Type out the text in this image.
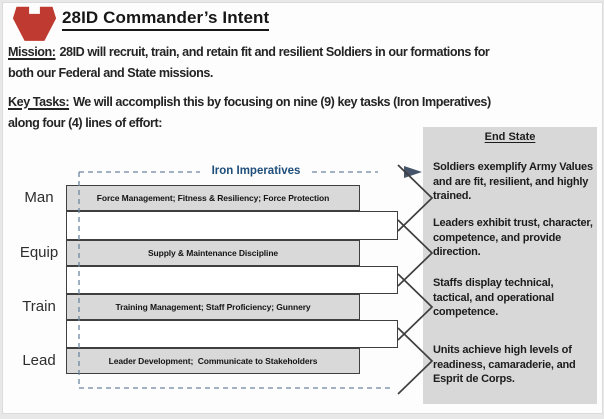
28ID Commander’s Intent
Mission: 28ID will recruit, train, and retain fit and resilient Soldiers in our formations for
both our Federal and State missions.
Key Tasks: We will accomplish this by focusing on nine (9) key tasks (Iron Imperatives)
along four (4) lines of effort:
End State
Soldiers exemplify Army Values and are fit, resilient, and highly trained.
Leaders exhibit trust, character, competence, and provide direction.
Staffs display technical, tactical, and operational competence.
Units achieve high levels of readiness, camaraderie, and Esprit de Corps.
Force Management; Fitness & Resiliency; Force Protection
Supply & Maintenance Discipline
Training Management; Staff Proficiency; Gunnery
Leader Development;  Communicate to Stakeholders
Man
Equip
Train
Lead
Iron Imperatives
